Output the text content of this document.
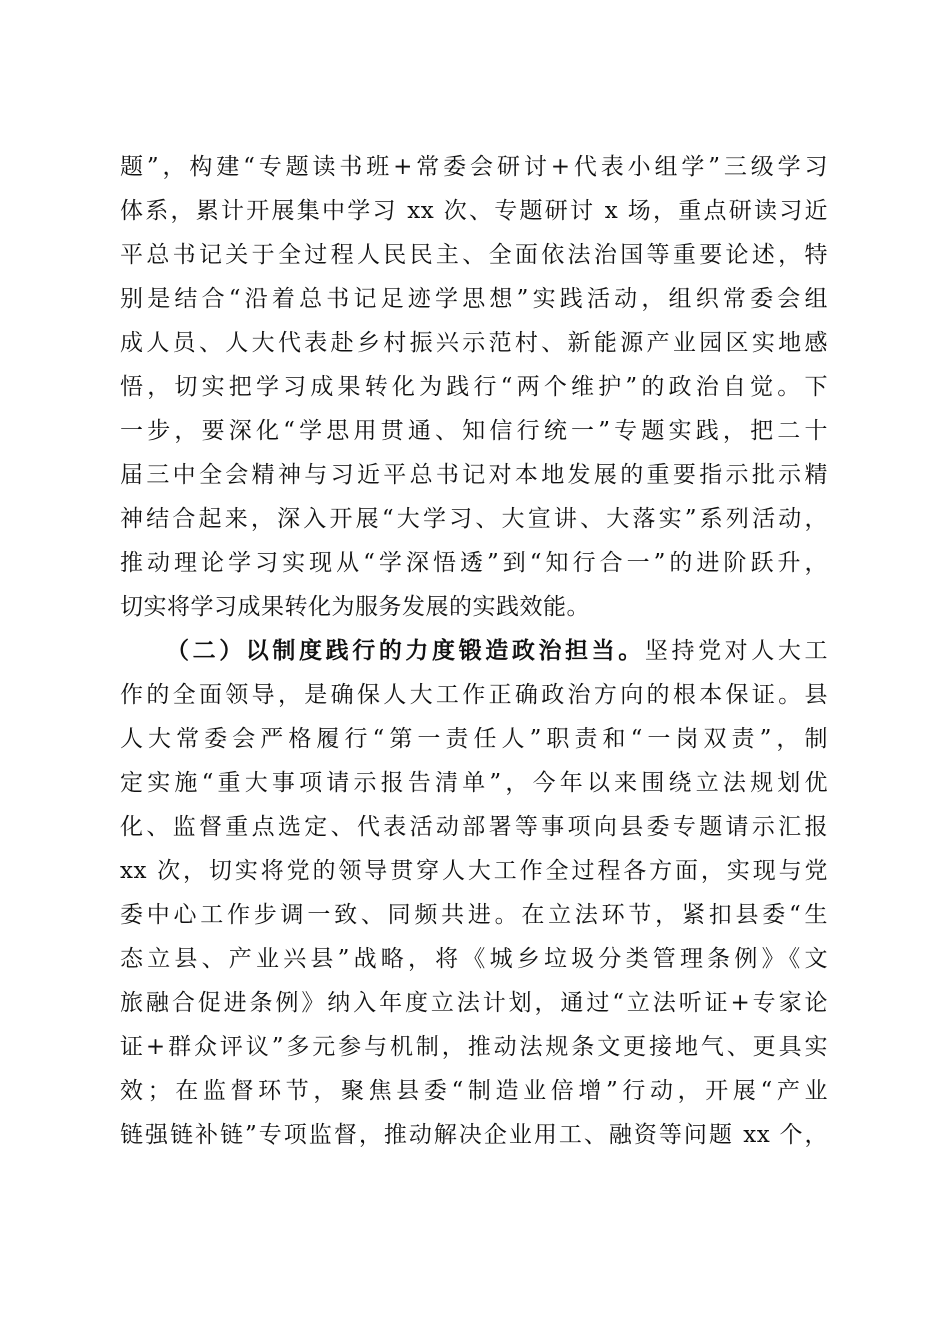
题”，构建“专题读书班+常委会研讨+代表小组学”三级学习
体系，累计开展集中学习 xx 次、专题研讨 x 场，重点研读习近
平总书记关于全过程人民民主、全面依法治国等重要论述，特
别是结合“沿着总书记足迹学思想”实践活动，组织常委会组
成人员、人大代表赴乡村振兴示范村、新能源产业园区实地感
悟，切实把学习成果转化为践行“两个维护”的政治自觉。下
一步，要深化“学思用贯通、知信行统一”专题实践，把二十
届三中全会精神与习近平总书记对本地发展的重要指示批示精
神结合起来，深入开展“大学习、大宣讲、大落实”系列活动，
推动理论学习实现从“学深悟透”到“知行合一”的进阶跃升，
切实将学习成果转化为服务发展的实践效能。
（二）以制度践行的力度锻造政治担当。坚持党对人大工
作的全面领导，是确保人大工作正确政治方向的根本保证。县
人大常委会严格履行“第一责任人”职责和“一岗双责”，制
定实施“重大事项请示报告清单”，今年以来围绕立法规划优
化、监督重点选定、代表活动部署等事项向县委专题请示汇报
xx 次，切实将党的领导贯穿人大工作全过程各方面，实现与党
委中心工作步调一致、同频共进。在立法环节，紧扣县委“生
态立县、产业兴县”战略，将《城乡垃圾分类管理条例》《文
旅融合促进条例》纳入年度立法计划，通过“立法听证+专家论
证+群众评议”多元参与机制，推动法规条文更接地气、更具实
效；在监督环节，聚焦县委“制造业倍增”行动，开展“产业
链强链补链”专项监督，推动解决企业用工、融资等问题 xx 个，
